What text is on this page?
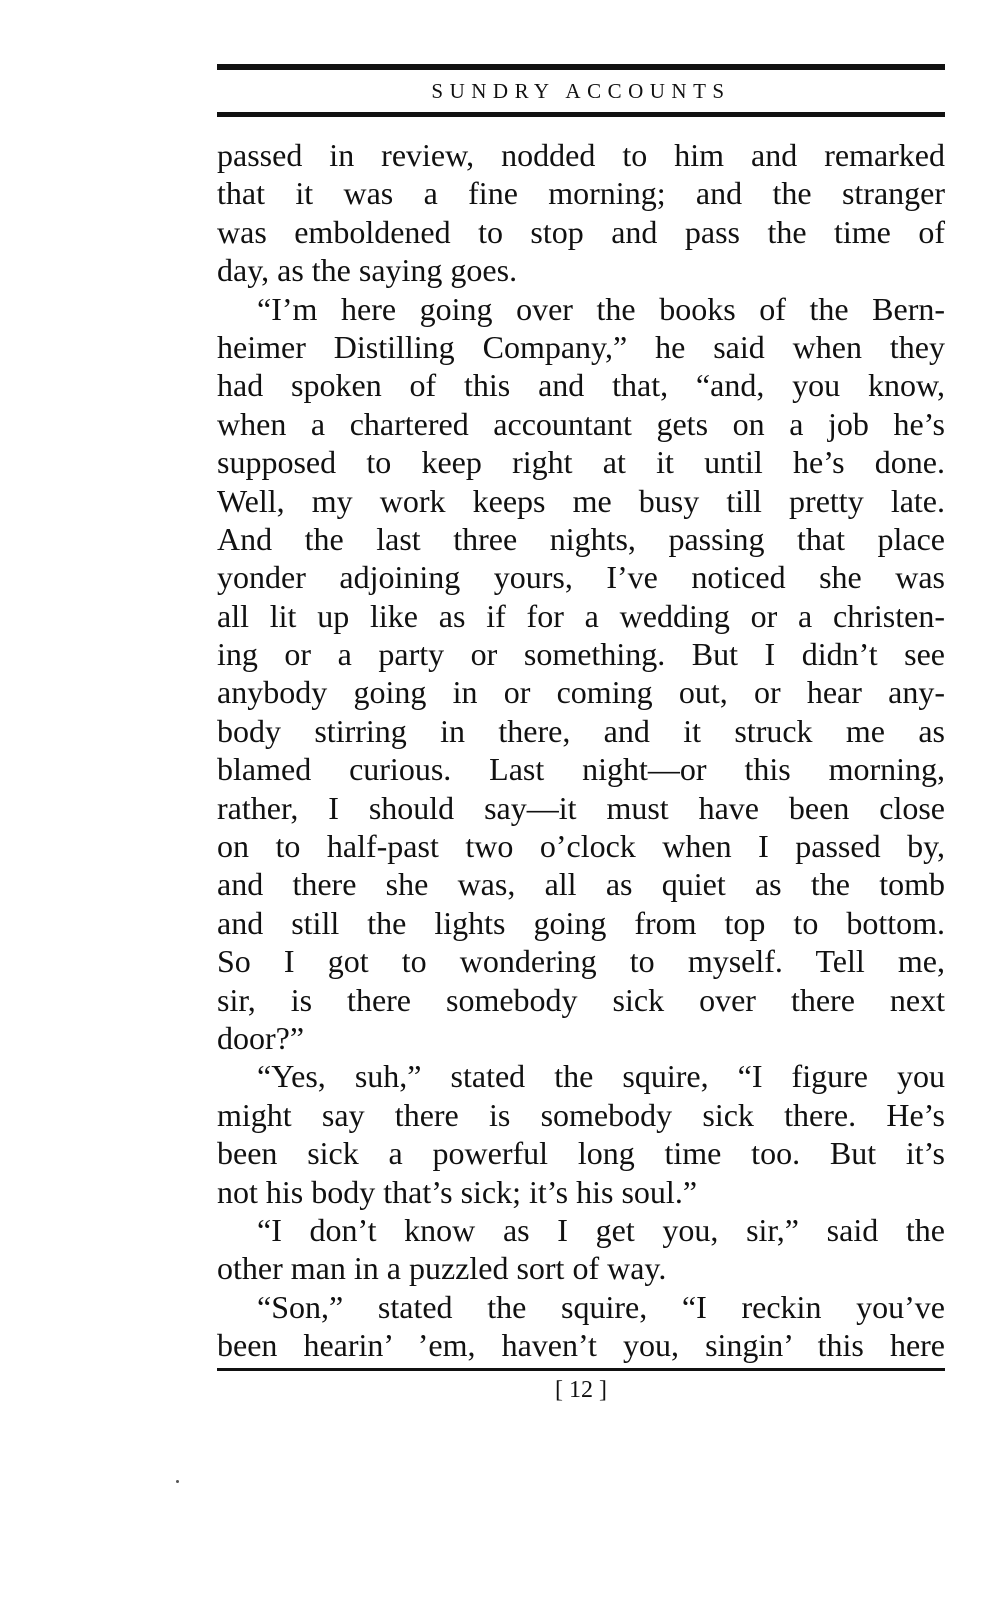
SUNDRY ACCOUNTS
passed in review, nodded to him and remarked
that it was a fine morning; and the stranger
was emboldened to stop and pass the time of
day, as the saying goes.
“I’m here going over the books of the Bern-
heimer Distilling Company,” he said when they
had spoken of this and that, “and, you know,
when a chartered accountant gets on a job he’s
supposed to keep right at it until he’s done.
Well, my work keeps me busy till pretty late.
And the last three nights, passing that place
yonder adjoining yours, I’ve noticed she was
all lit up like as if for a wedding or a christen-
ing or a party or something. But I didn’t see
anybody going in or coming out, or hear any-
body stirring in there, and it struck me as
blamed curious. Last night—or this morning,
rather, I should say—it must have been close
on to half-past two o’clock when I passed by,
and there she was, all as quiet as the tomb
and still the lights going from top to bottom.
So I got to wondering to myself. Tell me,
sir, is there somebody sick over there next
door?”
“Yes, suh,” stated the squire, “I figure you
might say there is somebody sick there. He’s
been sick a powerful long time too. But it’s
not his body that’s sick; it’s his soul.”
“I don’t know as I get you, sir,” said the
other man in a puzzled sort of way.
“Son,” stated the squire, “I reckin you’ve
been hearin’ ’em, haven’t you, singin’ this here
[ 12 ]
